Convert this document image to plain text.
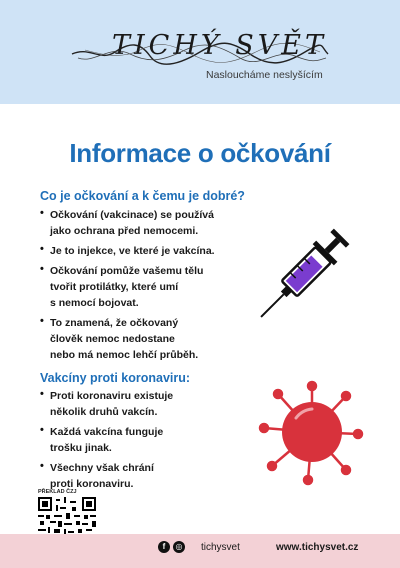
TICHÝ SVĚT
Nasloucháme neslyšícím
Informace o očkování
Co je očkování a k čemu je dobré?
• Očkování (vakcinace) se používá
jako ochrana před nemocemi.
• Je to injekce, ve které je vakcína.
• Očkování pomůže vašemu tělu
tvořit protilátky, které umí
s nemocí bojovat.
• To znamená, že očkovaný
člověk nemoc nedostane
nebo má nemoc lehčí průběh.
Vakcíny proti koronaviru:
• Proti koronaviru existuje
několik druhů vakcín.
• Každá vakcína funguje
trošku jinak.
• Všechny však chrání
proti koronaviru.
PŘEKLAD ČZJ
f	◎ tichysvet	www.tichysvet.cz
